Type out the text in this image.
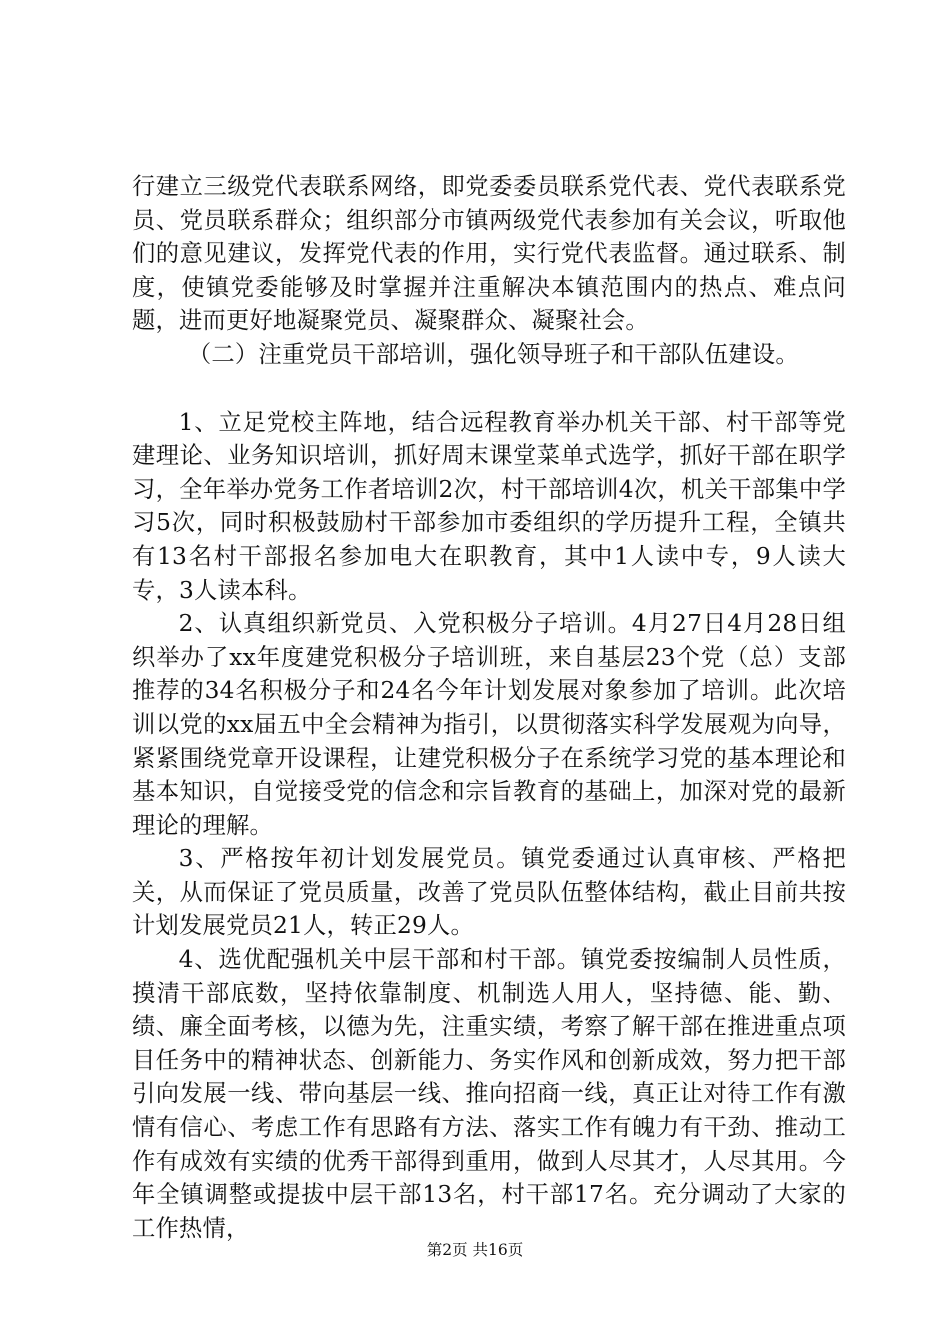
行建立三级党代表联系网络，即党委委员联系党代表、党代表联系党员、党员联系群众；组织部分市镇两级党代表参加有关会议，听取他们的意见建议，发挥党代表的作用，实行党代表监督。通过联系、制度，使镇党委能够及时掌握并注重解决本镇范围内的热点、难点问题，进而更好地凝聚党员、凝聚群众、凝聚社会。

（二）注重党员干部培训，强化领导班子和干部队伍建设。

1、立足党校主阵地，结合远程教育举办机关干部、村干部等党建理论、业务知识培训，抓好周末课堂菜单式选学，抓好干部在职学习，全年举办党务工作者培训2次，村干部培训4次，机关干部集中学习5次，同时积极鼓励村干部参加市委组织的学历提升工程，全镇共有13名村干部报名参加电大在职教育，其中1人读中专，9人读大专，3人读本科。

2、认真组织新党员、入党积极分子培训。4月27日4月28日组织举办了xx年度建党积极分子培训班，来自基层23个党（总）支部推荐的34名积极分子和24名今年计划发展对象参加了培训。此次培训以党的xx届五中全会精神为指引，以贯彻落实科学发展观为向导，紧紧围绕党章开设课程，让建党积极分子在系统学习党的基本理论和基本知识，自觉接受党的信念和宗旨教育的基础上，加深对党的最新理论的理解。

3、严格按年初计划发展党员。镇党委通过认真审核、严格把关，从而保证了党员质量，改善了党员队伍整体结构，截止目前共按计划发展党员21人，转正29人。

4、选优配强机关中层干部和村干部。镇党委按编制人员性质，摸清干部底数，坚持依靠制度、机制选人用人，坚持德、能、勤、绩、廉全面考核，以德为先，注重实绩，考察了解干部在推进重点项目任务中的精神状态、创新能力、务实作风和创新成效，努力把干部引向发展一线、带向基层一线、推向招商一线，真正让对待工作有激情有信心、考虑工作有思路有方法、落实工作有魄力有干劲、推动工作有成效有实绩的优秀干部得到重用，做到人尽其才，人尽其用。今年全镇调整或提拔中层干部13名，村干部17名。充分调动了大家的工作热情，

第2页 共16页
